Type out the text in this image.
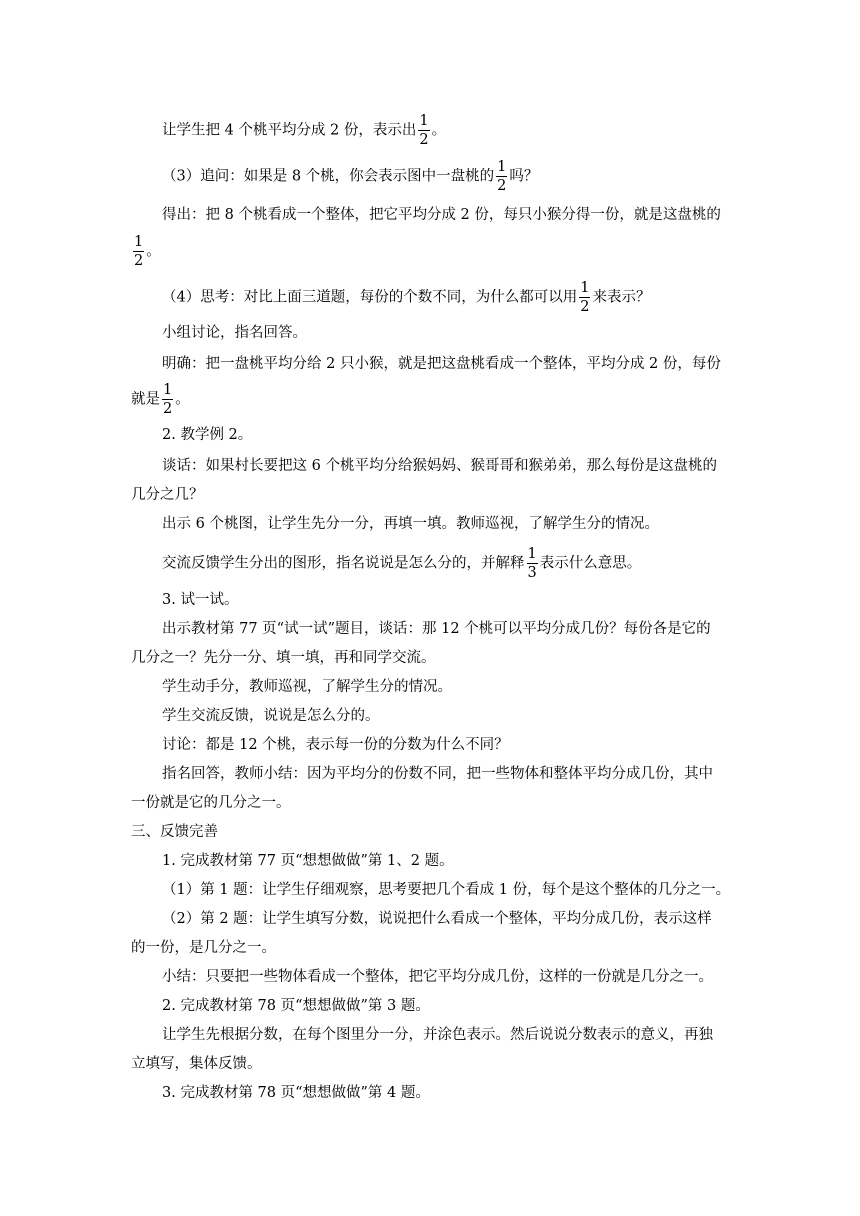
让学生把 4 个桃平均分成 2 份，表示出 $\frac{1}{2}$ 。
（3）追问：如果是 8 个桃，你会表示图中一盘桃的 $\frac{1}{2}$ 吗？
得出：把 8 个桃看成一个整体，把它平均分成 2 份，每只小猴分得一份，就是这盘桃的
$\frac{1}{2}$ 。
（4）思考：对比上面三道题，每份的个数不同，为什么都可以用 $\frac{1}{2}$ 来表示？
小组讨论，指名回答。
明确：把一盘桃平均分给 2 只小猴，就是把这盘桃看成一个整体，平均分成 2 份，每份
就是 $\frac{1}{2}$ 。
2. 教学例 2。
谈话：如果村长要把这 6 个桃平均分给猴妈妈、猴哥哥和猴弟弟，那么每份是这盘桃的
几分之几？
出示 6 个桃图，让学生先分一分，再填一填。教师巡视，了解学生分的情况。
交流反馈学生分出的图形，指名说说是怎么分的，并解释 $\frac{1}{3}$ 表示什么意思。
3. 试一试。
出示教材第 77 页“试一试”题目，谈话：那 12 个桃可以平均分成几份？每份各是它的
几分之一？先分一分、填一填，再和同学交流。
学生动手分，教师巡视，了解学生分的情况。
学生交流反馈，说说是怎么分的。
讨论：都是 12 个桃，表示每一份的分数为什么不同？
指名回答，教师小结：因为平均分的份数不同，把一些物体和整体平均分成几份，其中
一份就是它的几分之一。
三、反馈完善
1. 完成教材第 77 页“想想做做”第 1、2 题。
（1）第 1 题：让学生仔细观察，思考要把几个看成 1 份，每个是这个整体的几分之一。
（2）第 2 题：让学生填写分数，说说把什么看成一个整体，平均分成几份，表示这样
的一份，是几分之一。
小结：只要把一些物体看成一个整体，把它平均分成几份，这样的一份就是几分之一。
2. 完成教材第 78 页“想想做做”第 3 题。
让学生先根据分数，在每个图里分一分，并涂色表示。然后说说分数表示的意义，再独
立填写，集体反馈。
3. 完成教材第 78 页“想想做做”第 4 题。
